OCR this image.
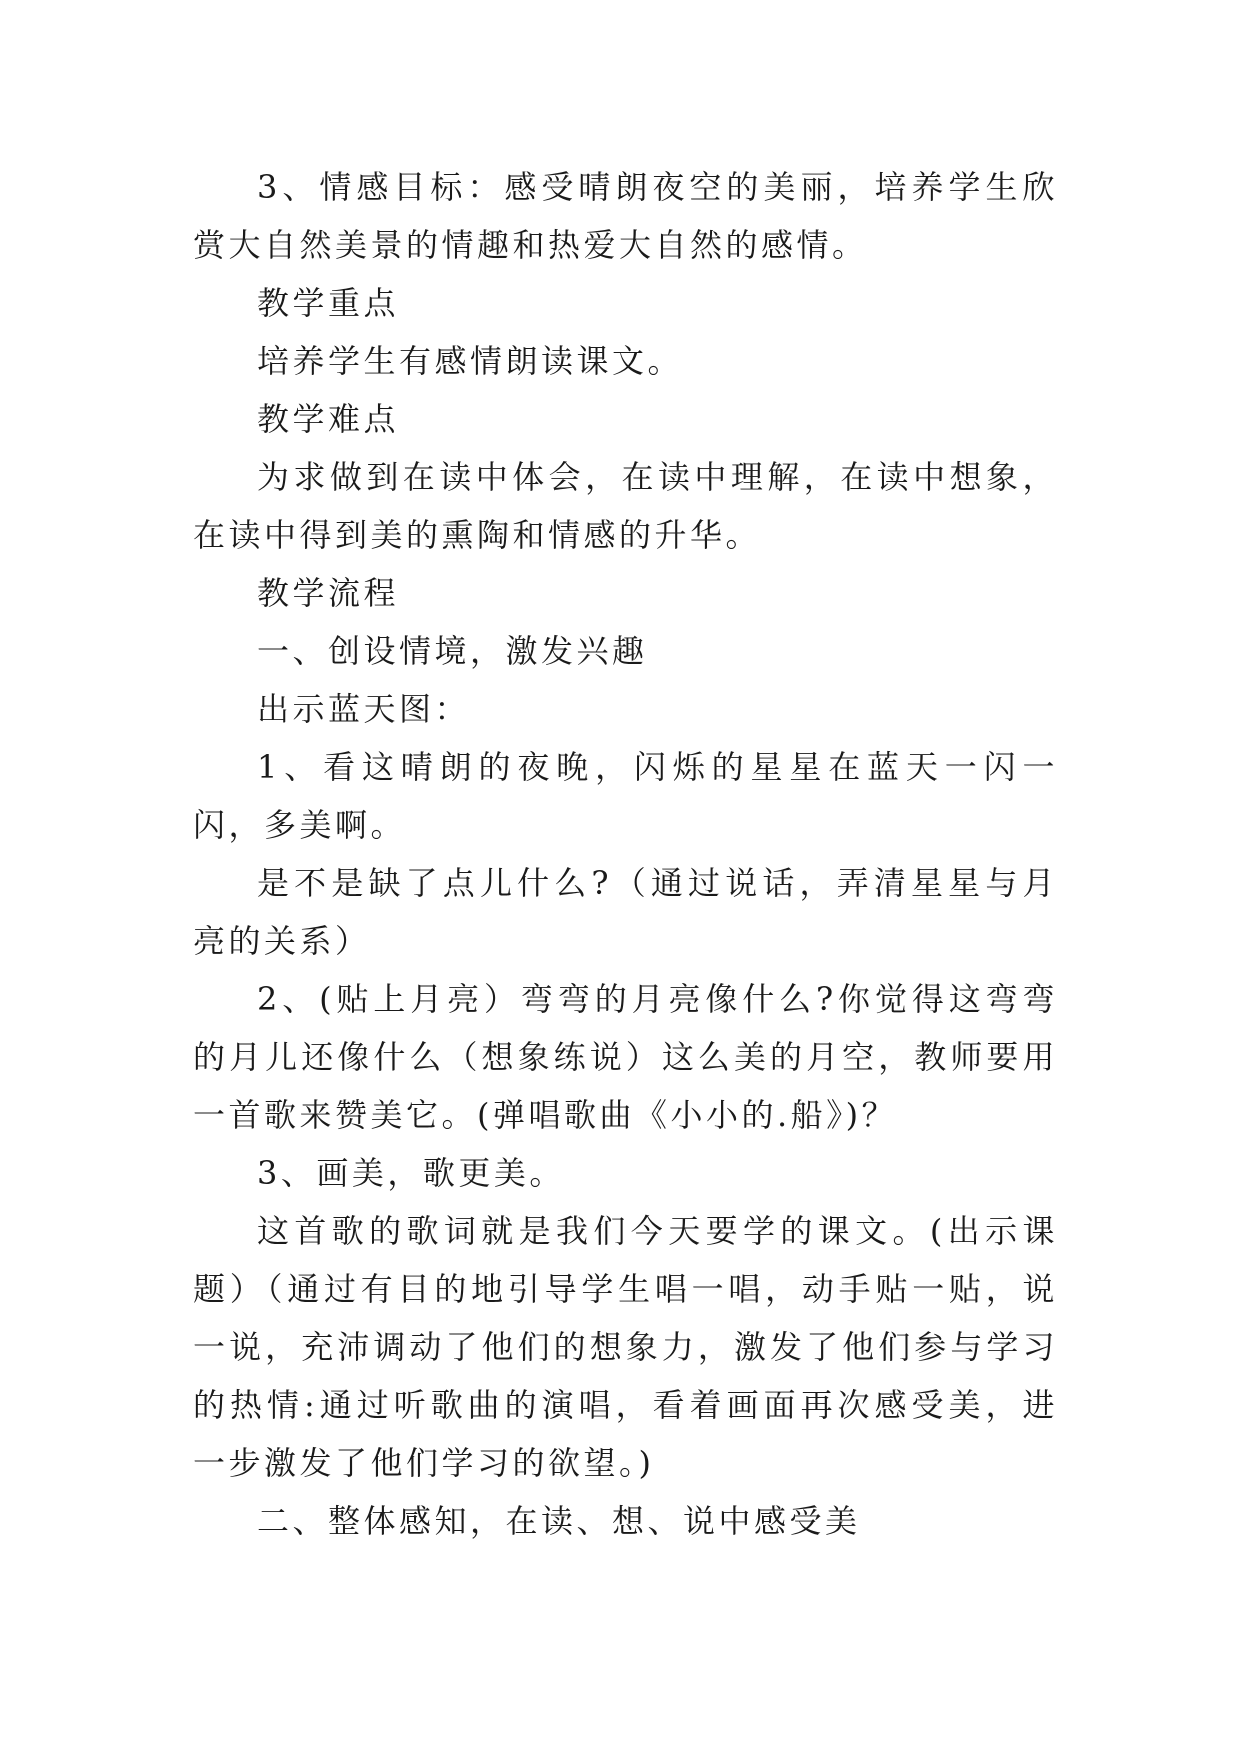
3、情感目标：感受晴朗夜空的美丽，培养学生欣赏大自然美景的情趣和热爱大自然的感情。

教学重点

培养学生有感情朗读课文。

教学难点

为求做到在读中体会，在读中理解，在读中想象，在读中得到美的熏陶和情感的升华。

教学流程

一、创设情境，激发兴趣

出示蓝天图：

1、看这晴朗的夜晚，闪烁的星星在蓝天一闪一闪，多美啊。

是不是缺了点儿什么?（通过说话，弄清星星与月亮的关系）

2、(贴上月亮）弯弯的月亮像什么?你觉得这弯弯的月儿还像什么（想象练说）这么美的月空，教师要用一首歌来赞美它。(弹唱歌曲《小小的.船》)？

3、画美，歌更美。

这首歌的歌词就是我们今天要学的课文。(出示课题）（通过有目的地引导学生唱一唱，动手贴一贴，说一说，充沛调动了他们的想象力，激发了他们参与学习的热情:通过听歌曲的演唱，看着画面再次感受美，进一步激发了他们学习的欲望。)

二、整体感知，在读、想、说中感受美
